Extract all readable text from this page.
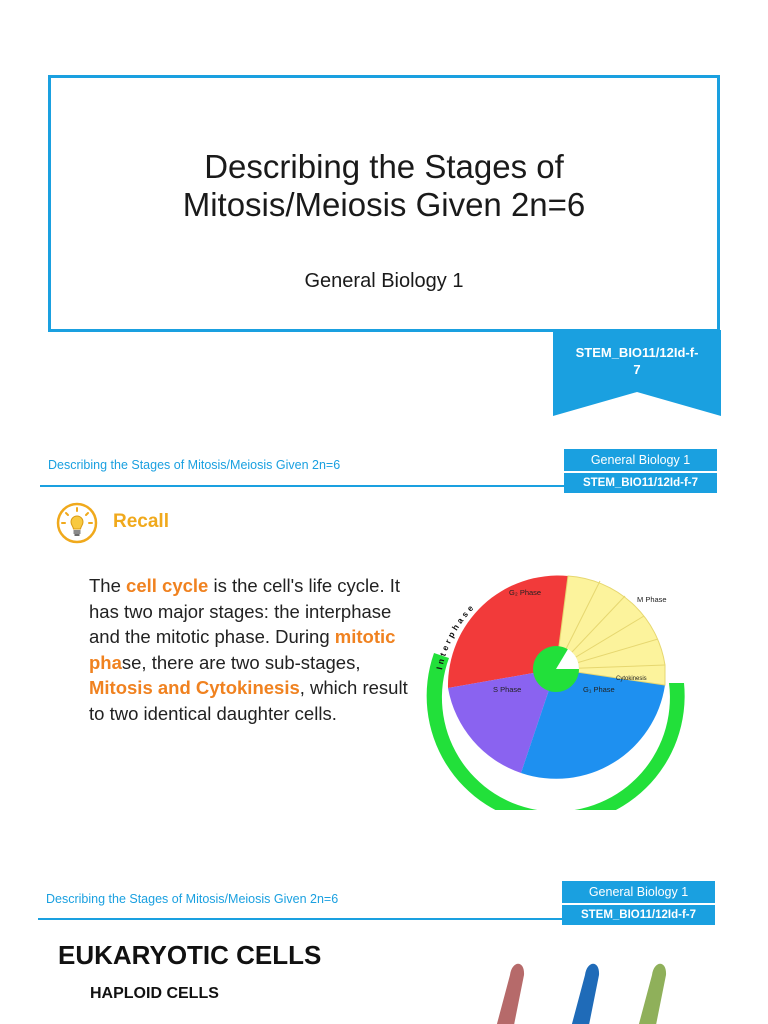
Describing the Stages of
Mitosis/Meiosis Given 2n=6
General Biology 1
STEM_BIO11/12Id-f-
7
Describing the Stages of Mitosis/Meiosis Given 2n=6	General Biology 1
STEM_BIO11/12Id-f-7
Recall
The cell cycle is the cell's life cycle. It has two major stages: the interphase and the mitotic phase. During mitotic phase, there are two sub-stages, Mitosis and Cytokinesis, which result to two identical daughter cells.
G₂ Phase
M Phase
S Phase	G₁ Phase
Cytokinesis
Interphase
Describing the Stages of Mitosis/Meiosis Given 2n=6	General Biology 1
STEM_BIO11/12Id-f-7
EUKARYOTIC CELLS
HAPLOID CELLS
